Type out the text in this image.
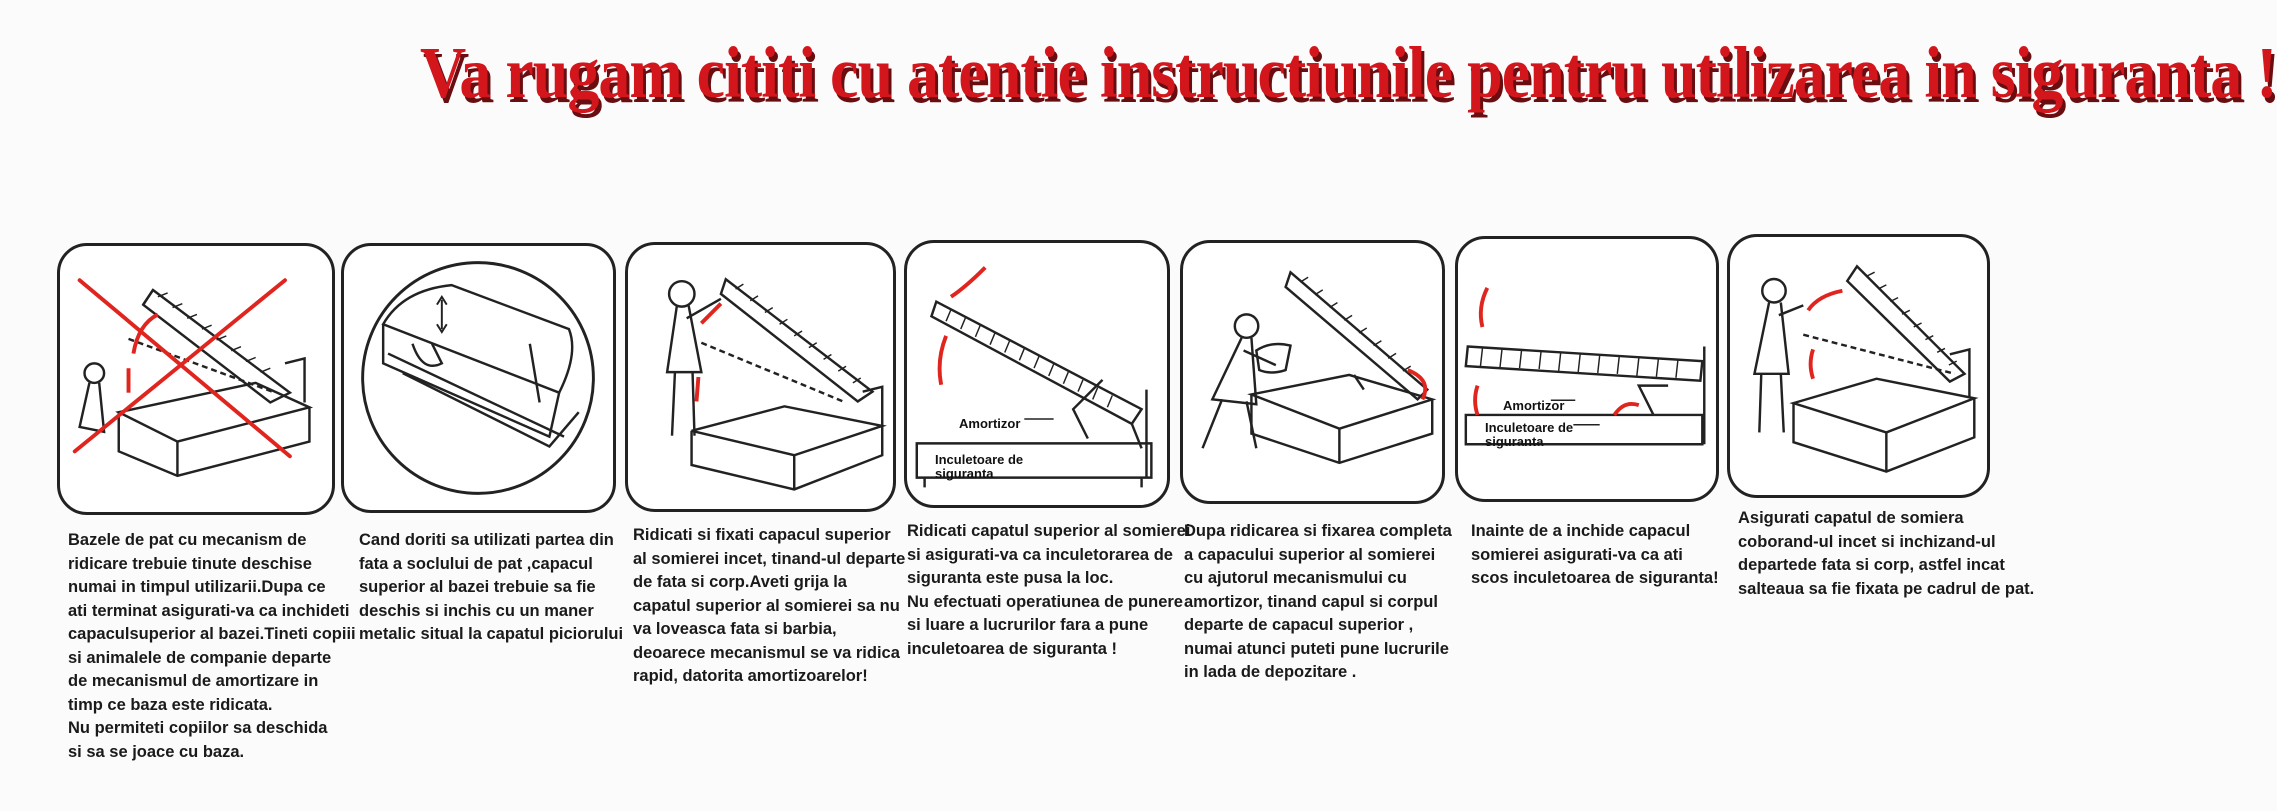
Va rugam cititi cu atentie instructiunile pentru utilizarea in siguranta !
Bazele de pat cu mecanism de
ridicare trebuie tinute deschise
numai in timpul utilizarii.Dupa ce
ati terminat asigurati-va ca inchideti
capaculsuperior al bazei.Tineti copiii
si animalele de companie departe
de mecanismul de amortizare in
timp ce baza este ridicata.
Nu permiteti copiilor sa deschida
si sa se joace cu baza.
Cand doriti sa utilizati partea din
fata a soclului de pat ,capacul
superior al bazei trebuie sa fie
deschis si inchis cu un maner
metalic situal la capatul piciorului
Ridicati si fixati capacul superior
al somierei incet, tinand-ul departe
de fata si corp.Aveti grija la
capatul superior al somierei sa nu
va loveasca fata si barbia,
deoarece mecanismul se va ridica
rapid, datorita amortizoarelor!
Amortizor
Inculetoare de
siguranta
Ridicati capatul superior al somierei
si asigurati-va ca inculetorarea de
siguranta este pusa la loc.
Nu efectuati operatiunea de punere
si luare a lucrurilor fara a pune
inculetoarea de siguranta !
Dupa ridicarea si fixarea completa
a capacului superior al somierei
cu ajutorul mecanismului cu
amortizor, tinand capul si corpul
departe de capacul superior ,
numai atunci puteti pune lucrurile
in lada de depozitare .
Amortizor
Inculetoare de
siguranta
Inainte de a inchide capacul
somierei asigurati-va ca ati
scos inculetoarea de siguranta!
Asigurati capatul de somiera
coborand-ul incet si inchizand-ul
departede fata si corp, astfel incat
salteaua sa fie fixata pe cadrul de pat.
